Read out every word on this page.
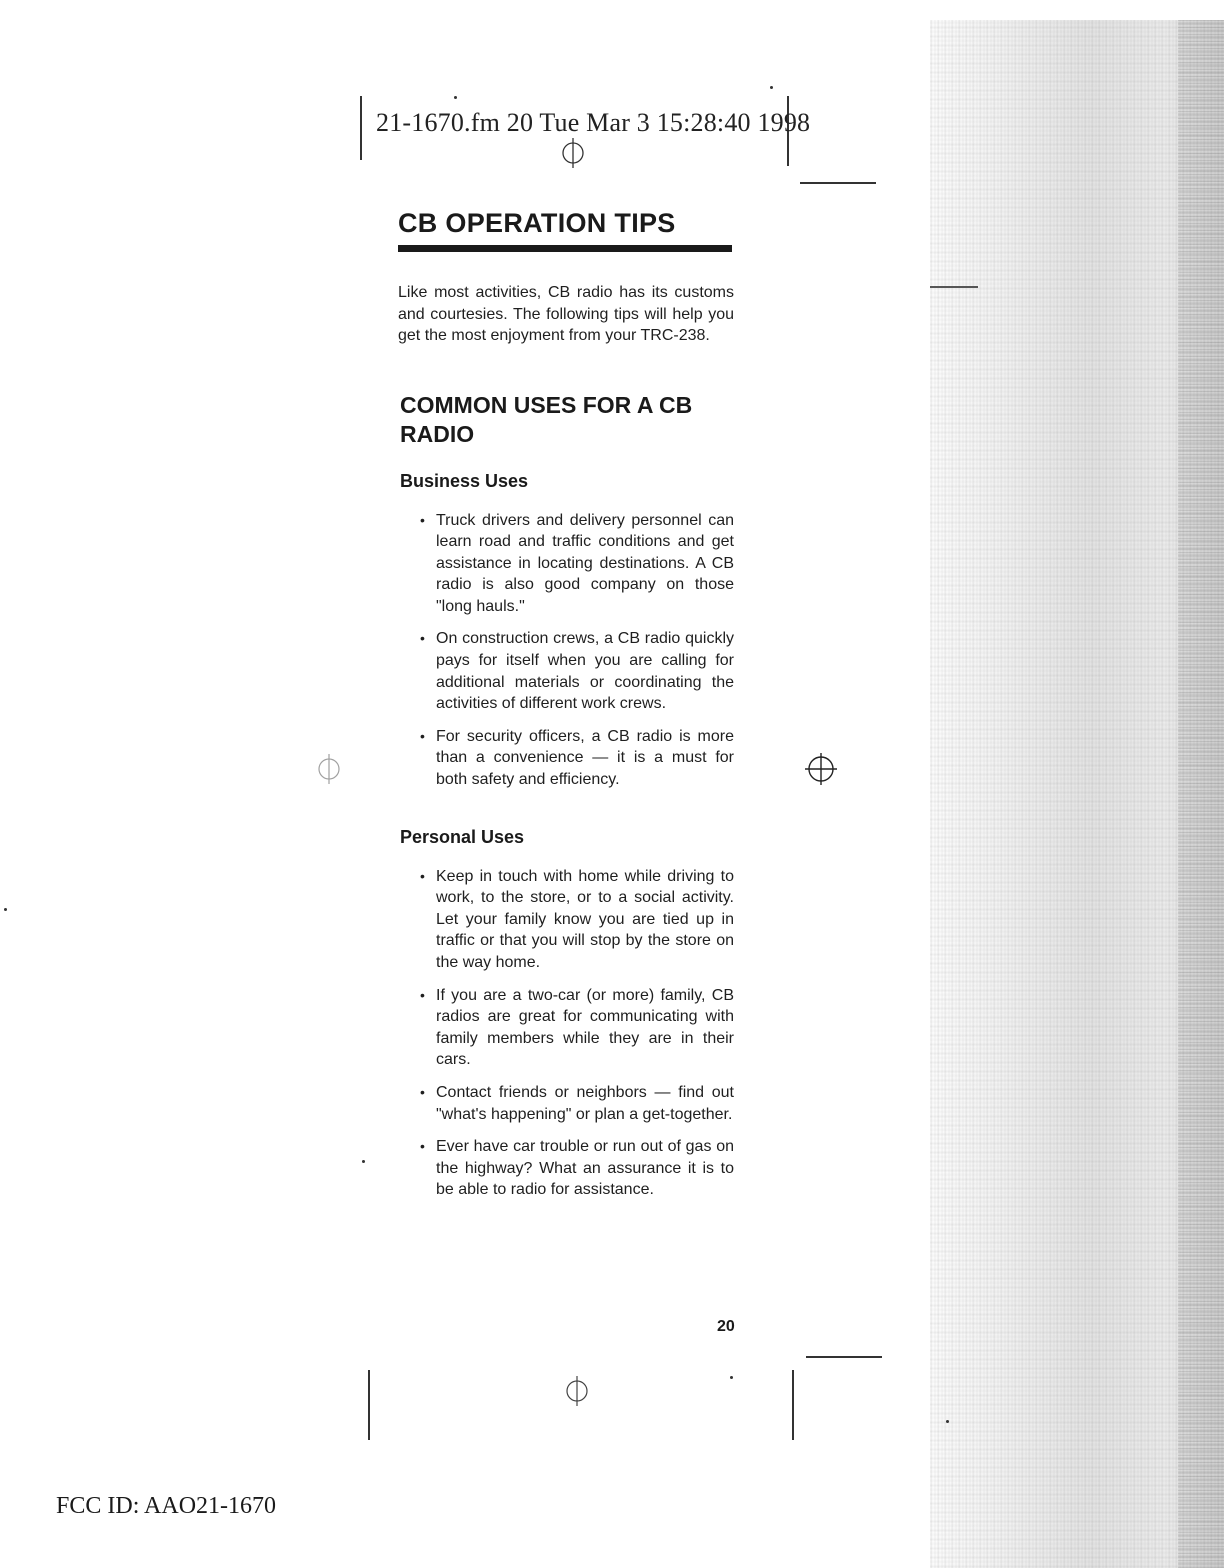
21-1670.fm 20 Tue Mar 3 15:28:40 1998
CB OPERATION TIPS

Like most activities, CB radio has its customs and courtesies. The following tips will help you get the most enjoyment from your TRC-238.

COMMON USES FOR A CB RADIO
Business Uses
• Truck drivers and delivery personnel can learn road and traffic conditions and get assistance in locating destinations. A CB radio is also good company on those "long hauls."
• On construction crews, a CB radio quickly pays for itself when you are calling for additional materials or coordinating the activities of different work crews.
• For security officers, a CB radio is more than a convenience — it is a must for both safety and efficiency.
Personal Uses
• Keep in touch with home while driving to work, to the store, or to a social activity. Let your family know you are tied up in traffic or that you will stop by the store on the way home.
• If you are a two-car (or more) family, CB radios are great for communicating with family members while they are in their cars.
• Contact friends or neighbors — find out "what's happening" or plan a get-together.
• Ever have car trouble or run out of gas on the highway? What an assurance it is to be able to radio for assistance.
20
FCC ID: AAO21-1670
